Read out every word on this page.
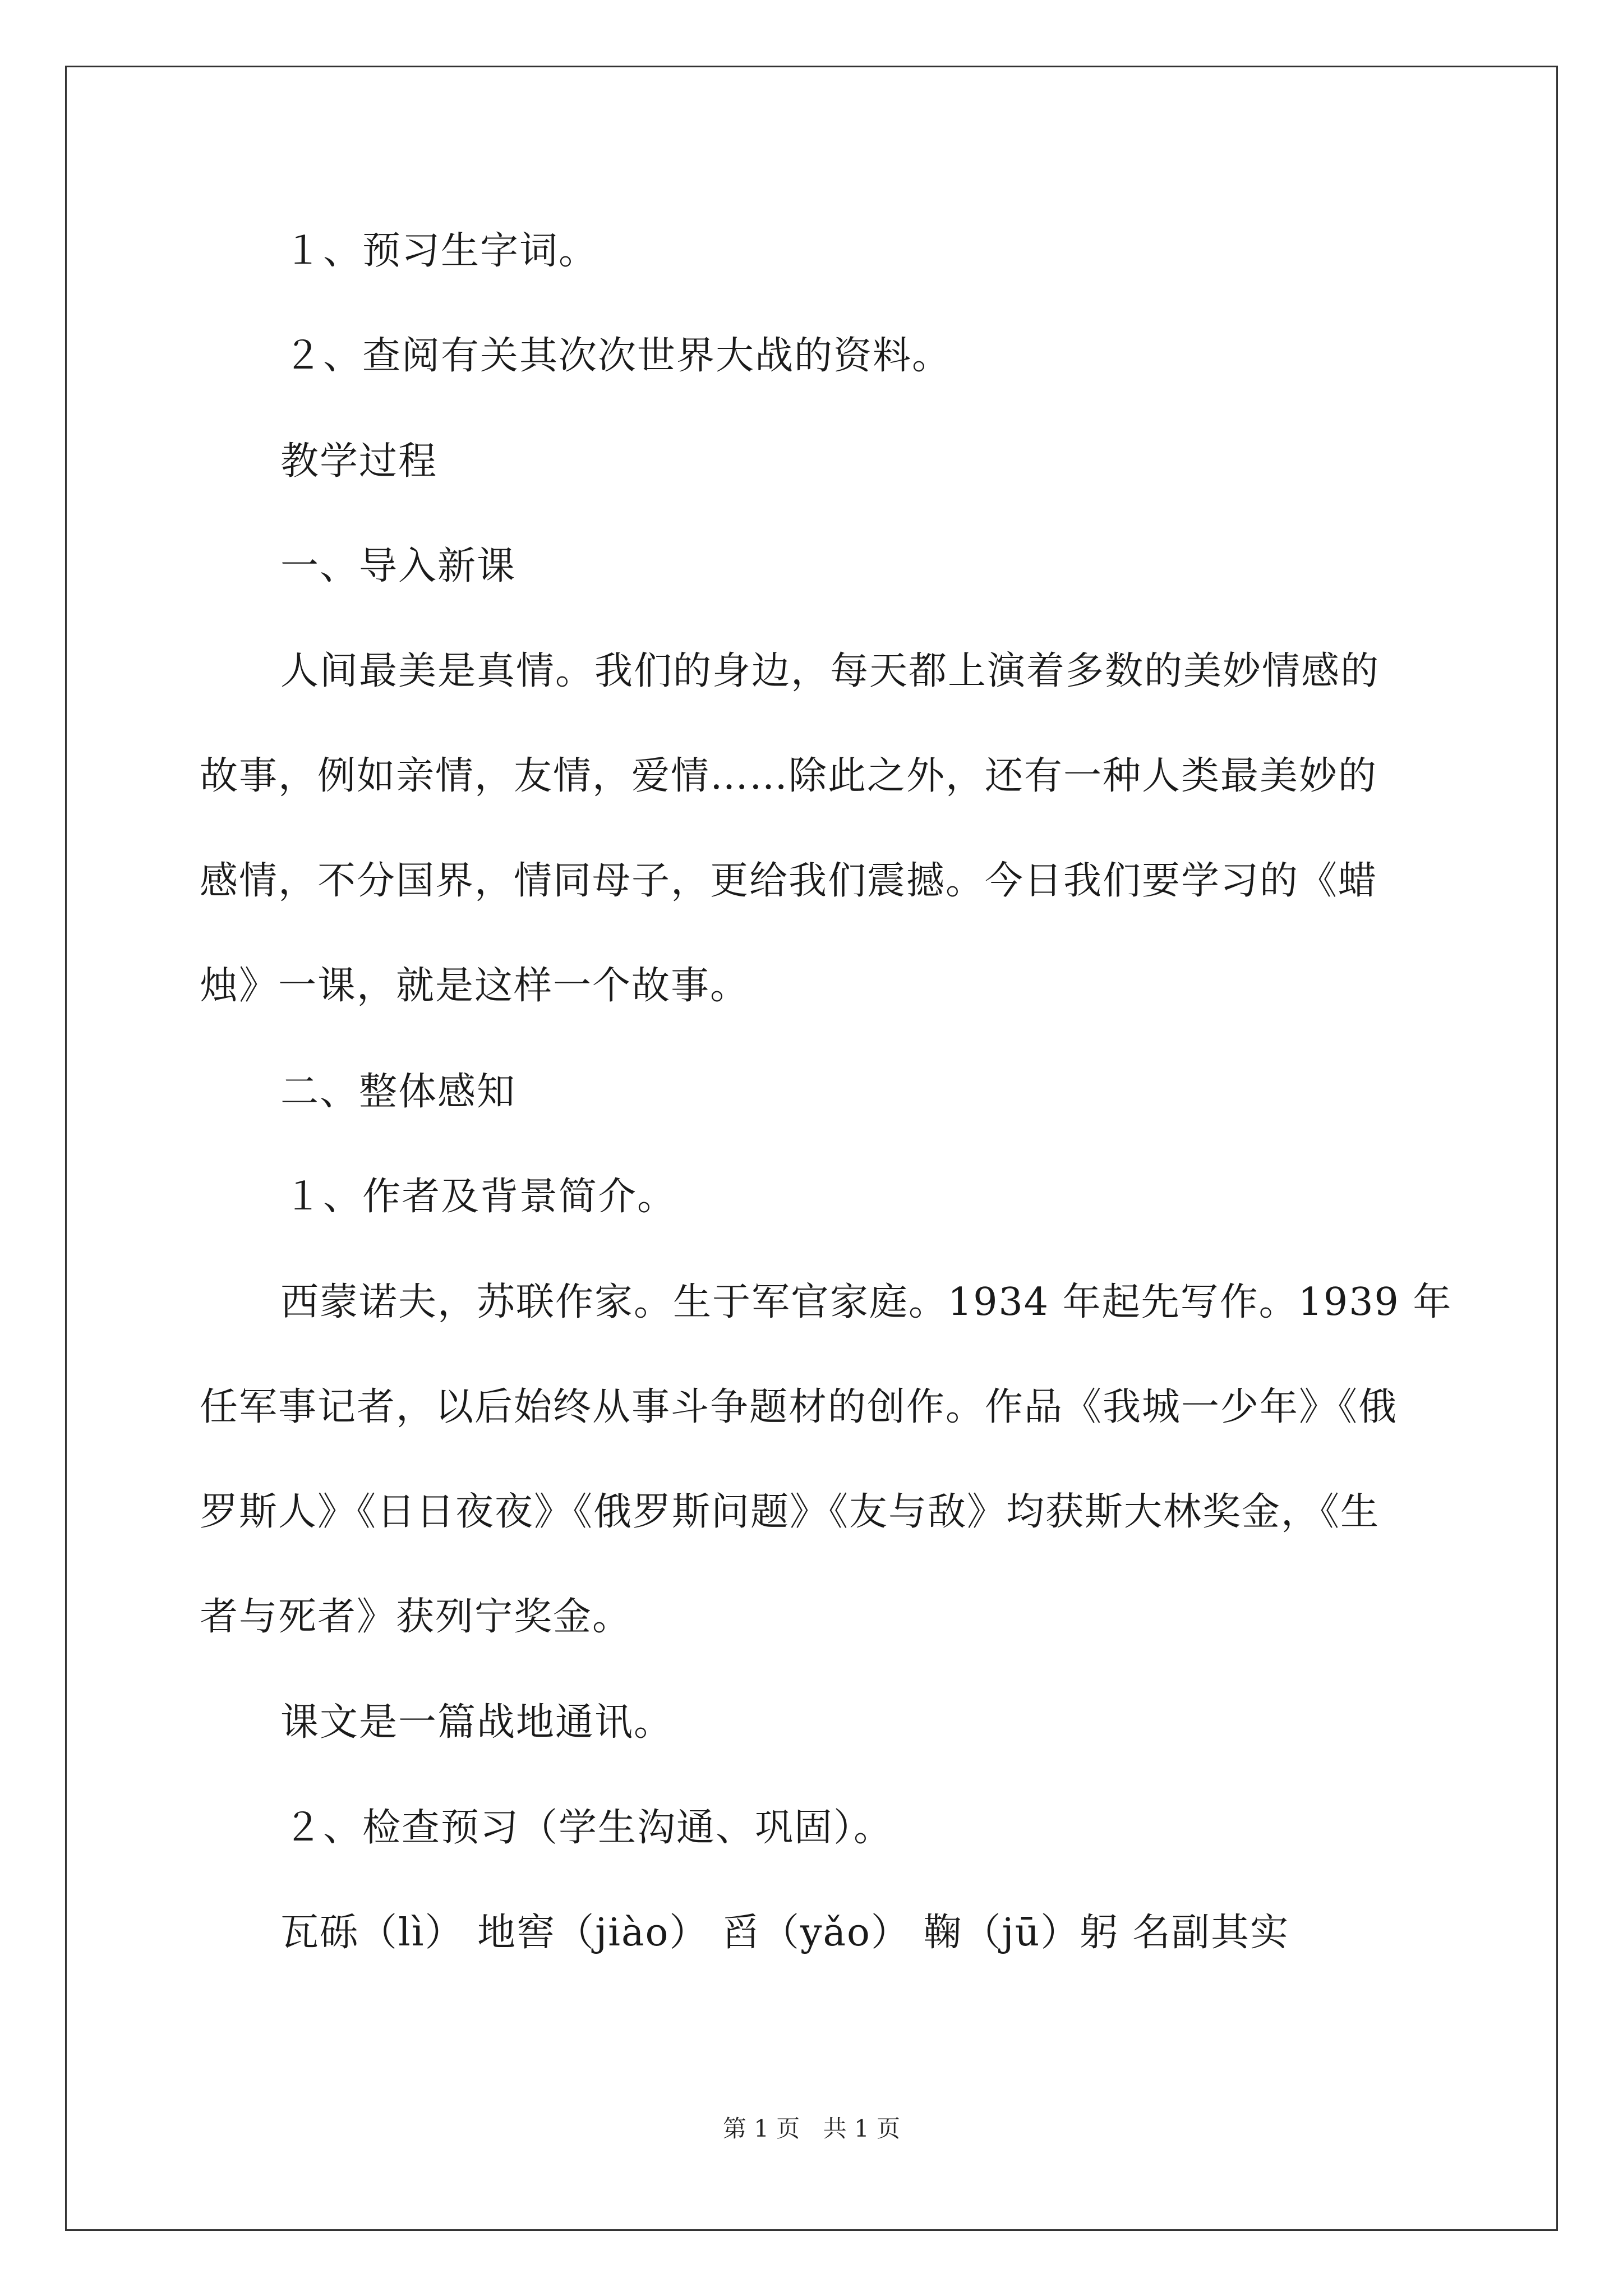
１、预习生字词。
２、查阅有关其次次世界大战的资料。
教学过程
一、导入新课
人间最美是真情。我们的身边，每天都上演着多数的美妙情感的
故事，例如亲情，友情，爱情……除此之外，还有一种人类最美妙的
感情，不分国界，情同母子，更给我们震撼。今日我们要学习的《蜡
烛》一课，就是这样一个故事。
二、整体感知
１、作者及背景简介。
西蒙诺夫，苏联作家。生于军官家庭。1934 年起先写作。1939 年
任军事记者，以后始终从事斗争题材的创作。作品《我城一少年》《俄
罗斯人》《日日夜夜》《俄罗斯问题》《友与敌》均获斯大林奖金，《生
者与死者》获列宁奖金。
课文是一篇战地通讯。
２、检查预习（学生沟通、巩固）。
瓦砾（lì） 地窖（jiào） 舀（yǎo） 鞠（jū）躬 名副其实
第 1 页 共 1 页
